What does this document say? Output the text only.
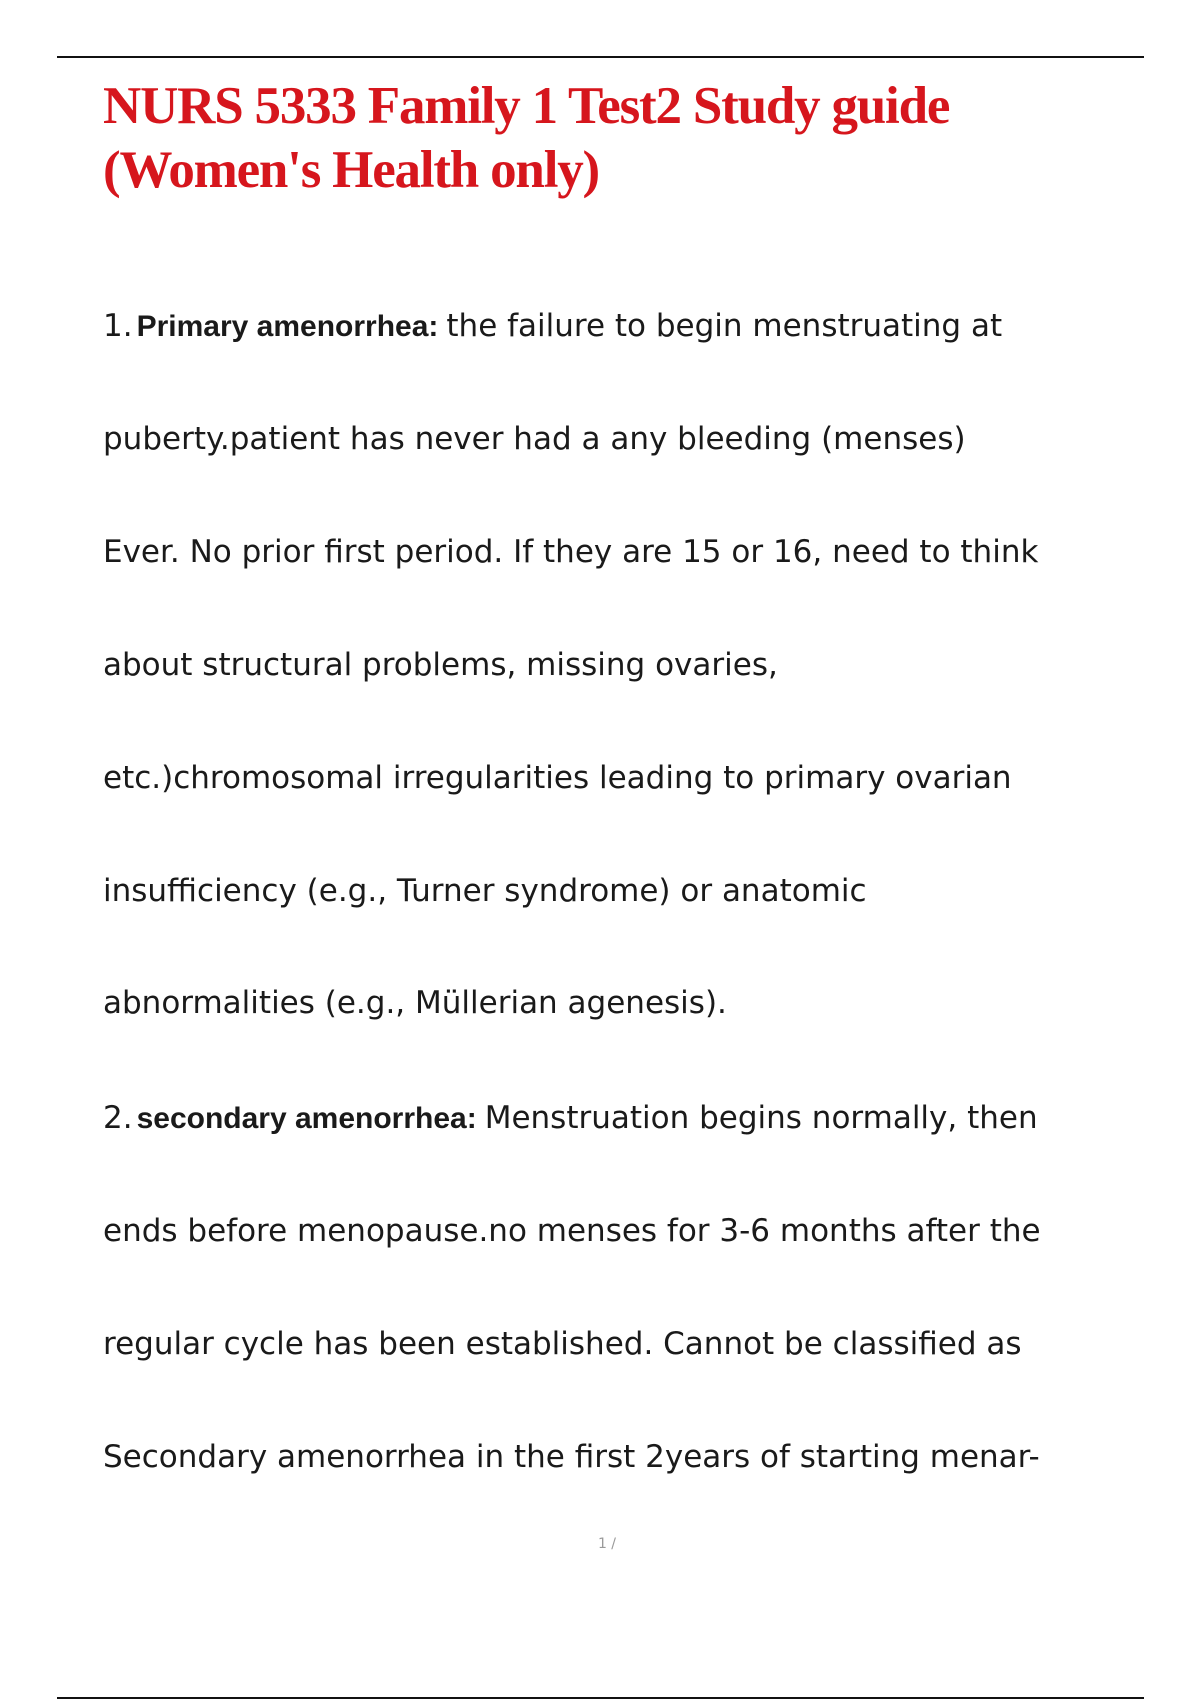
NURS 5333 Family 1 Test2 Study guide
(Women's Health only)
1. Primary amenorrhea: the failure to begin menstruating at
puberty.patient has never had a any bleeding (menses)
Ever. No prior first period. If they are 15 or 16, need to think
about structural problems, missing ovaries,
etc.)chromosomal irregularities leading to primary ovarian
insufficiency (e.g., Turner syndrome) or anatomic
abnormalities (e.g., Müllerian agenesis).
2. secondary amenorrhea: Menstruation begins normally, then
ends before menopause.no menses for 3-6 months after the
regular cycle has been established. Cannot be classified as
Secondary amenorrhea in the first 2years of starting menar-
1 /
